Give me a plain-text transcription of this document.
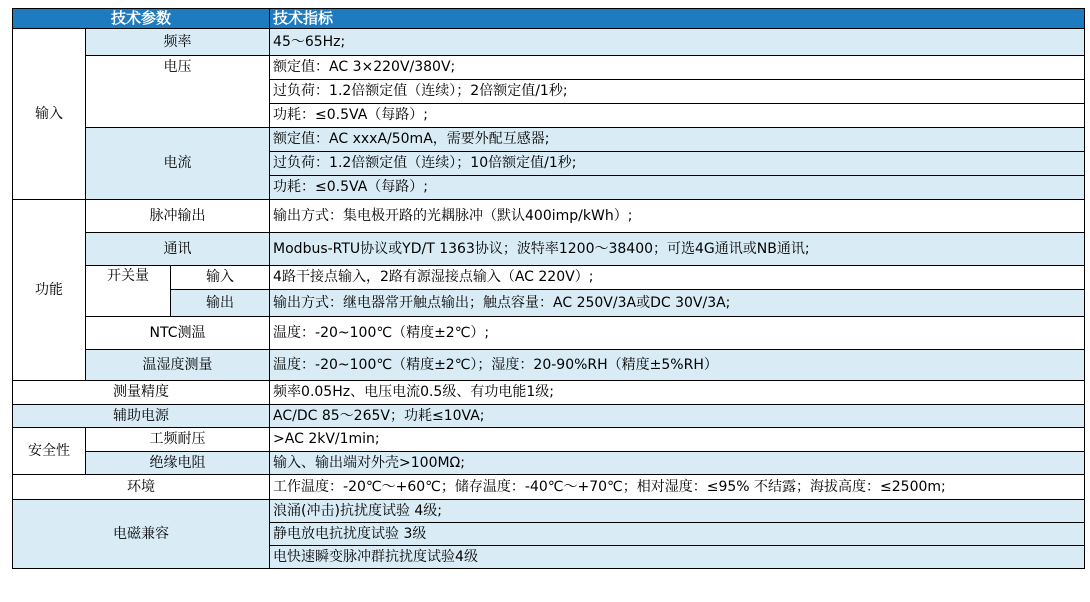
技术参数			技术指标
输入	频率		45～65Hz;
	电压		额定值：AC 3×220V/380V;
			过负荷：1.2倍额定值（连续）；2倍额定值/1秒;
			功耗：≤0.5VA（每路）;
	电流		额定值：AC xxxA/50mA，需要外配互感器;
			过负荷：1.2倍额定值（连续）；10倍额定值/1秒;
			功耗：≤0.5VA（每路）;
功能	脉冲输出		输出方式：集电极开路的光耦脉冲（默认400imp/kWh）;
	通讯		Modbus-RTU协议或YD/T 1363协议；波特率1200～38400；可选4G通讯或NB通讯;
	开关量	输入	4路干接点输入，2路有源湿接点输入（AC 220V）;
		输出	输出方式：继电器常开触点输出；触点容量：AC 250V/3A或DC 30V/3A;
	NTC测温		温度：-20~100℃（精度±2℃）;
	温湿度测量		温度：-20~100℃（精度±2℃）；湿度：20-90%RH（精度±5%RH）
测量精度			频率0.05Hz、电压电流0.5级、有功电能1级;
辅助电源			AC/DC 85～265V；功耗≤10VA;
安全性	工频耐压		>AC 2kV/1min;
	绝缘电阻		输入、输出端对外壳>100MΩ;
环境			工作温度：-20℃～+60℃；储存温度：-40℃～+70℃；相对湿度：≤95% 不结露；海拔高度：≤2500m;
电磁兼容			浪涌(冲击)抗扰度试验 4级;
			静电放电抗扰度试验 3级
			电快速瞬变脉冲群抗扰度试验4级
